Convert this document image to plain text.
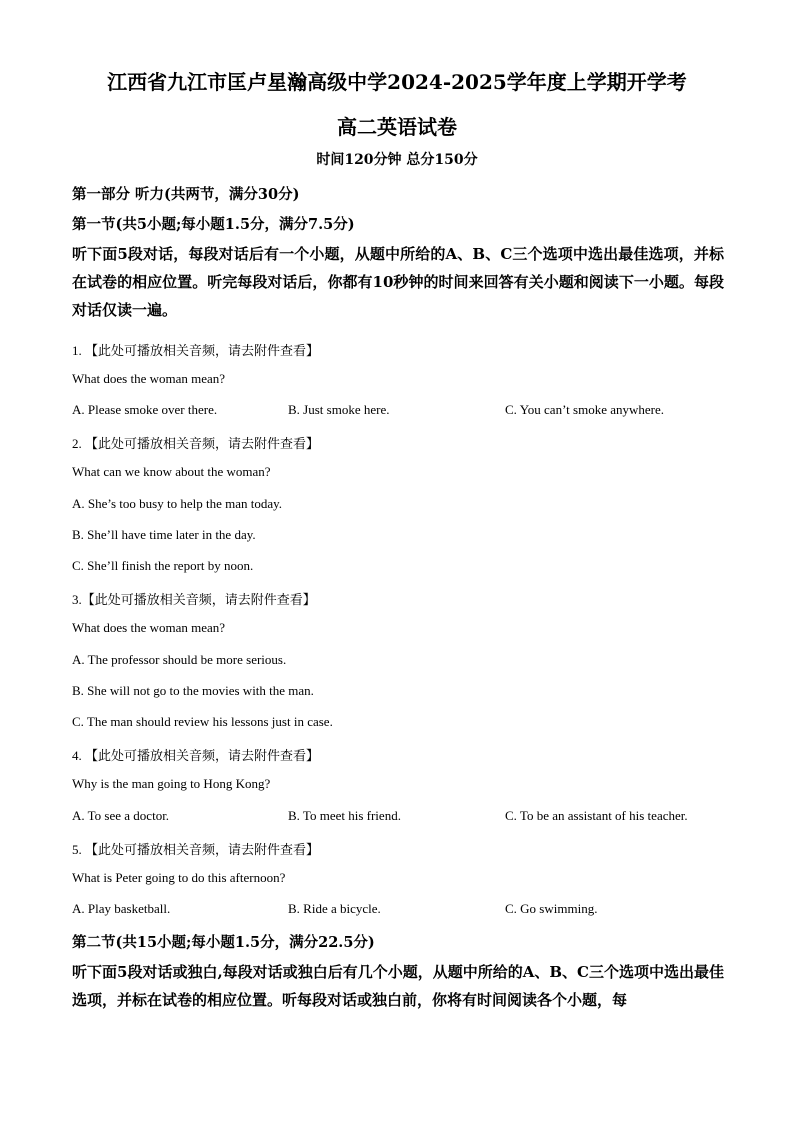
江西省九江市匡卢星瀚高级中学2024-2025学年度上学期开学考
高二英语试卷
时间120分钟 总分150分
第一部分 听力(共两节，满分30分)
第一节(共5小题;每小题1.5分，满分7.5分)
听下面5段对话，每段对话后有一个小题，从题中所给的A、B、C三个选项中选出最佳选项，并标在试卷的相应位置。听完每段对话后，你都有10秒钟的时间来回答有关小题和阅读下一小题。每段对话仅读一遍。
1. 【此处可播放相关音频，请去附件查看】
What does the woman mean?
A. Please smoke over there.	B. Just smoke here.	C. You can’t smoke anywhere.
2. 【此处可播放相关音频，请去附件查看】
What can we know about the woman?
A. She’s too busy to help the man today.
B. She’ll have time later in the day.
C. She’ll finish the report by noon.
3.【此处可播放相关音频，请去附件查看】
What does the woman mean?
A. The professor should be more serious.
B. She will not go to the movies with the man.
C. The man should review his lessons just in case.
4. 【此处可播放相关音频，请去附件查看】
Why is the man going to Hong Kong?
A. To see a doctor.	B. To meet his friend.	C. To be an assistant of his teacher.
5. 【此处可播放相关音频，请去附件查看】
What is Peter going to do this afternoon?
A. Play basketball.	B. Ride a bicycle.	C. Go swimming.
第二节(共15小题;每小题1.5分，满分22.5分)
听下面5段对话或独白,每段对话或独白后有几个小题，从题中所给的A、B、C三个选项中选出最佳选项，并标在试卷的相应位置。听每段对话或独白前，你将有时间阅读各个小题，每
